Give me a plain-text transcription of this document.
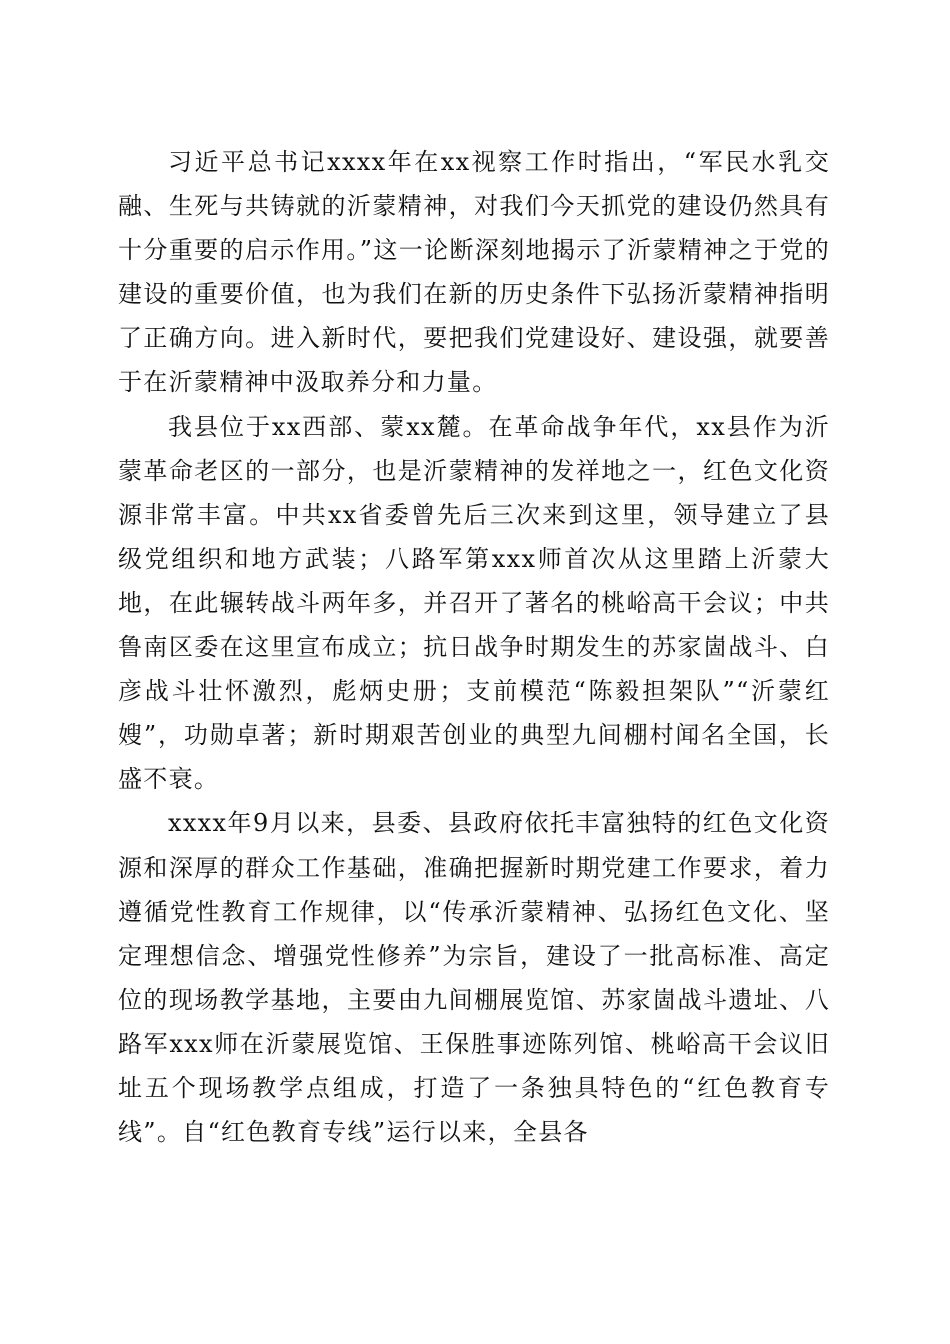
习近平总书记xxxx年在xx视察工作时指出，“军民水乳交融、生死与共铸就的沂蒙精神，对我们今天抓党的建设仍然具有十分重要的启示作用。”这一论断深刻地揭示了沂蒙精神之于党的建设的重要价值，也为我们在新的历史条件下弘扬沂蒙精神指明了正确方向。进入新时代，要把我们党建设好、建设强，就要善于在沂蒙精神中汲取养分和力量。

我县位于xx西部、蒙xx麓。在革命战争年代，xx县作为沂蒙革命老区的一部分，也是沂蒙精神的发祥地之一，红色文化资源非常丰富。中共xx省委曾先后三次来到这里，领导建立了县级党组织和地方武装；八路军第xxx师首次从这里踏上沂蒙大地，在此辗转战斗两年多，并召开了著名的桃峪高干会议；中共鲁南区委在这里宣布成立；抗日战争时期发生的苏家崮战斗、白彦战斗壮怀激烈，彪炳史册；支前模范“陈毅担架队”“沂蒙红嫂”，功勋卓著；新时期艰苦创业的典型九间棚村闻名全国，长盛不衰。

xxxx年9月以来，县委、县政府依托丰富独特的红色文化资源和深厚的群众工作基础，准确把握新时期党建工作要求，着力遵循党性教育工作规律，以“传承沂蒙精神、弘扬红色文化、坚定理想信念、增强党性修养”为宗旨，建设了一批高标准、高定位的现场教学基地，主要由九间棚展览馆、苏家崮战斗遗址、八路军xxx师在沂蒙展览馆、王保胜事迹陈列馆、桃峪高干会议旧址五个现场教学点组成，打造了一条独具特色的“红色教育专线”。自“红色教育专线”运行以来，全县各
